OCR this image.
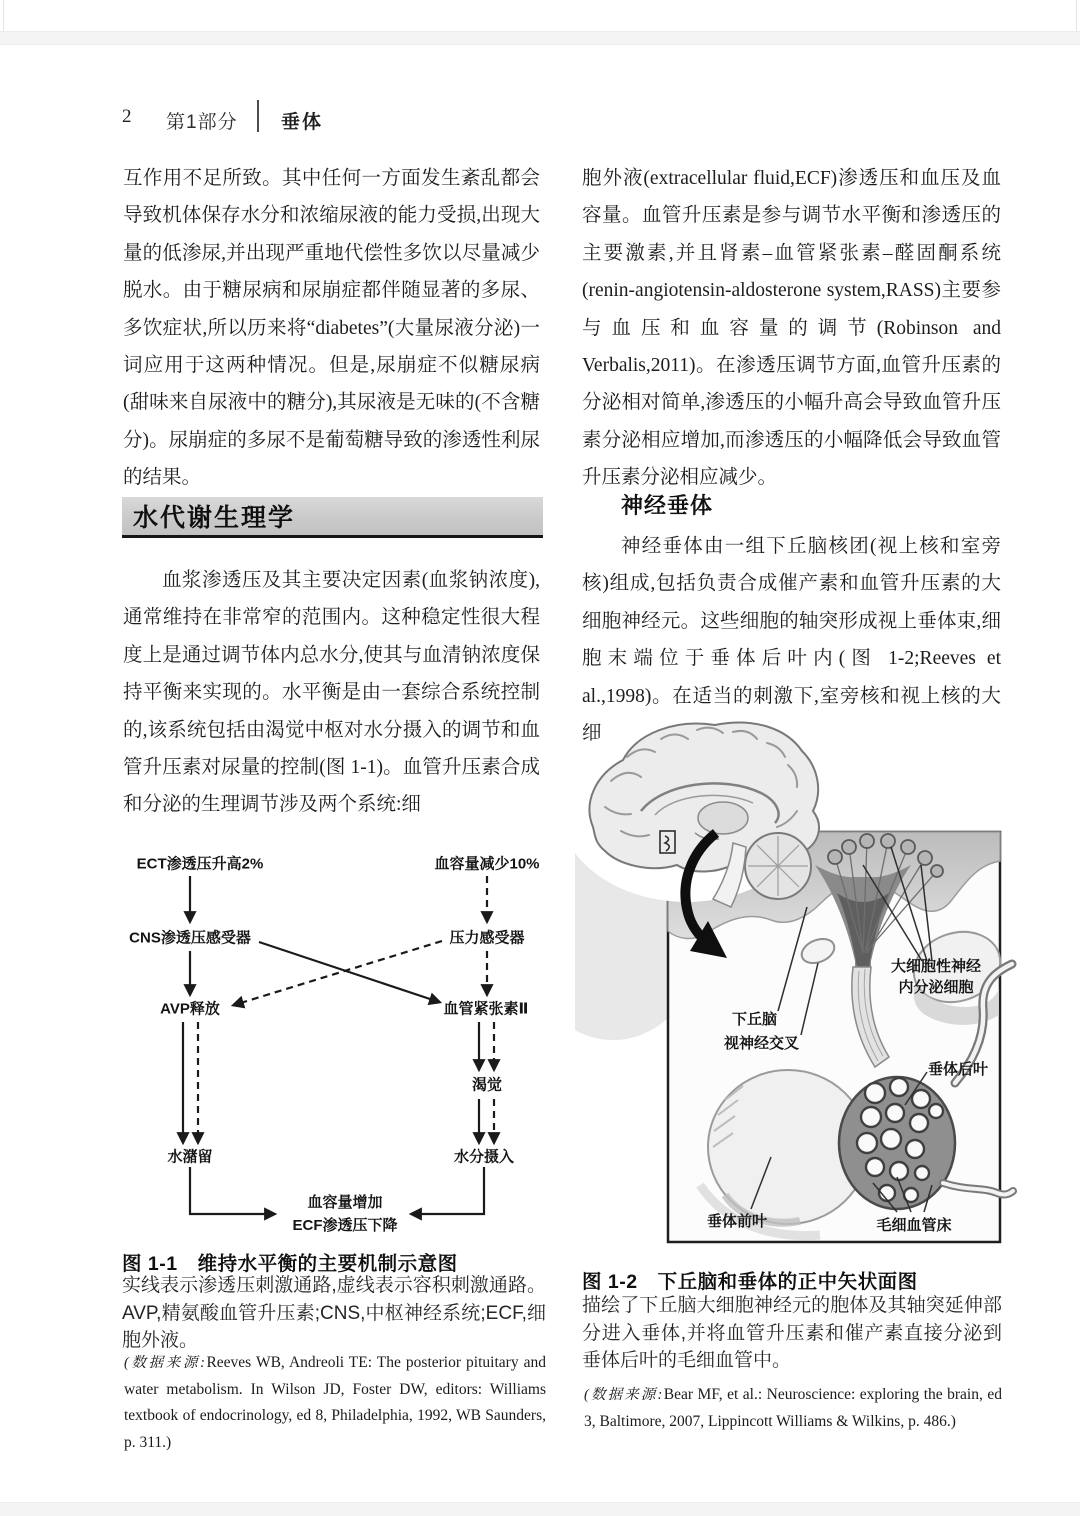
2 第1部分 垂体
互作用不足所致。其中任何一方面发生紊乱都会导致机体保存水分和浓缩尿液的能力受损,出现大量的低渗尿,并出现严重地代偿性多饮以尽量减少脱水。由于糖尿病和尿崩症都伴随显著的多尿、多饮症状,所以历来将“diabetes”(大量尿液分泌)一词应用于这两种情况。但是,尿崩症不似糖尿病(甜味来自尿液中的糖分),其尿液是无味的(不含糖分)。尿崩症的多尿不是葡萄糖导致的渗透性利尿的结果。
水代谢生理学
血浆渗透压及其主要决定因素(血浆钠浓度),通常维持在非常窄的范围内。这种稳定性很大程度上是通过调节体内总水分,使其与血清钠浓度保持平衡来实现的。水平衡是由一套综合系统控制的,该系统包括由渴觉中枢对水分摄入的调节和血管升压素对尿量的控制(图 1-1)。血管升压素合成和分泌的生理调节涉及两个系统:细
ECT渗透压升高2%	血容量减少10%
CNS渗透压感受器	压力感受器
AVP释放	血管紧张素Ⅱ
渴觉
水潴留	水分摄入
血容量增加
ECF渗透压下降
图 1-1　维持水平衡的主要机制示意图
实线表示渗透压刺激通路,虚线表示容积刺激通路。AVP,精氨酸血管升压素;CNS,中枢神经系统;ECF,细胞外液。
(数据来源:Reeves WB, Andreoli TE: The posterior pituitary and water metabolism. In Wilson JD, Foster DW, editors: Williams textbook of endocrinology, ed 8, Philadelphia, 1992, WB Saunders, p. 311.)
胞外液(extracellular fluid,ECF)渗透压和血压及血容量。血管升压素是参与调节水平衡和渗透压的主要激素,并且肾素–血管紧张素–醛固酮系统(renin-angiotensin-aldosterone system,RASS)主要参与血压和血容量的调节(Robinson and Verbalis,2011)。在渗透压调节方面,血管升压素的分泌相对简单,渗透压的小幅升高会导致血管升压素分泌相应增加,而渗透压的小幅降低会导致血管升压素分泌相应减少。
神经垂体
神经垂体由一组下丘脑核团(视上核和室旁核)组成,包括负责合成催产素和血管升压素的大细胞神经元。这些细胞的轴突形成视上垂体束,细胞末端位于垂体后叶内(图 1-2;Reeves et al.,1998)。在适当的刺激下,室旁核和视上核的大细
大细胞性神经
内分泌细胞
下丘脑
视神经交叉
垂体后叶
垂体前叶	毛细血管床
图 1-2　下丘脑和垂体的正中矢状面图
描绘了下丘脑大细胞神经元的胞体及其轴突延伸部分进入垂体,并将血管升压素和催产素直接分泌到垂体后叶的毛细血管中。
(数据来源:Bear MF, et al.: Neuroscience: exploring the brain, ed 3, Baltimore, 2007, Lippincott Williams & Wilkins, p. 486.)
